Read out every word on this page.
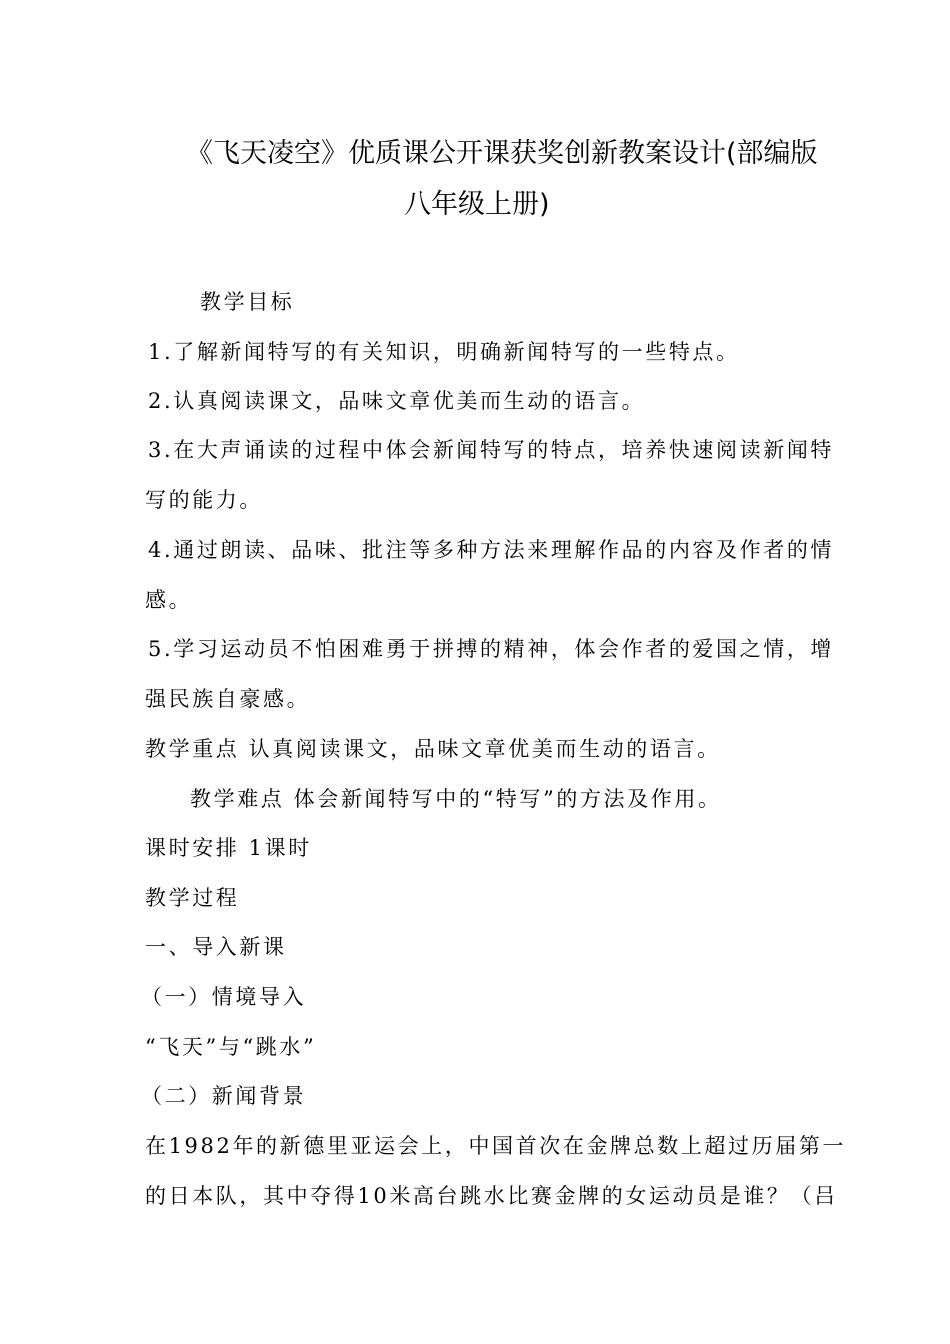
《飞天凌空》优质课公开课获奖创新教案设计(部编版
八年级上册)
教学目标
1.了解新闻特写的有关知识，明确新闻特写的一些特点。
2.认真阅读课文，品味文章优美而生动的语言。
3.在大声诵读的过程中体会新闻特写的特点，培养快速阅读新闻特
写的能力。
4.通过朗读、品味、批注等多种方法来理解作品的内容及作者的情
感。
5.学习运动员不怕困难勇于拼搏的精神，体会作者的爱国之情，增
强民族自豪感。
教学重点 认真阅读课文，品味文章优美而生动的语言。
教学难点 体会新闻特写中的“特写”的方法及作用。
课时安排 1课时
教学过程
一、导入新课
（一）情境导入
“飞天”与“跳水”
（二）新闻背景
在1982年的新德里亚运会上，中国首次在金牌总数上超过历届第一
的日本队，其中夺得10米高台跳水比赛金牌的女运动员是谁？（吕
